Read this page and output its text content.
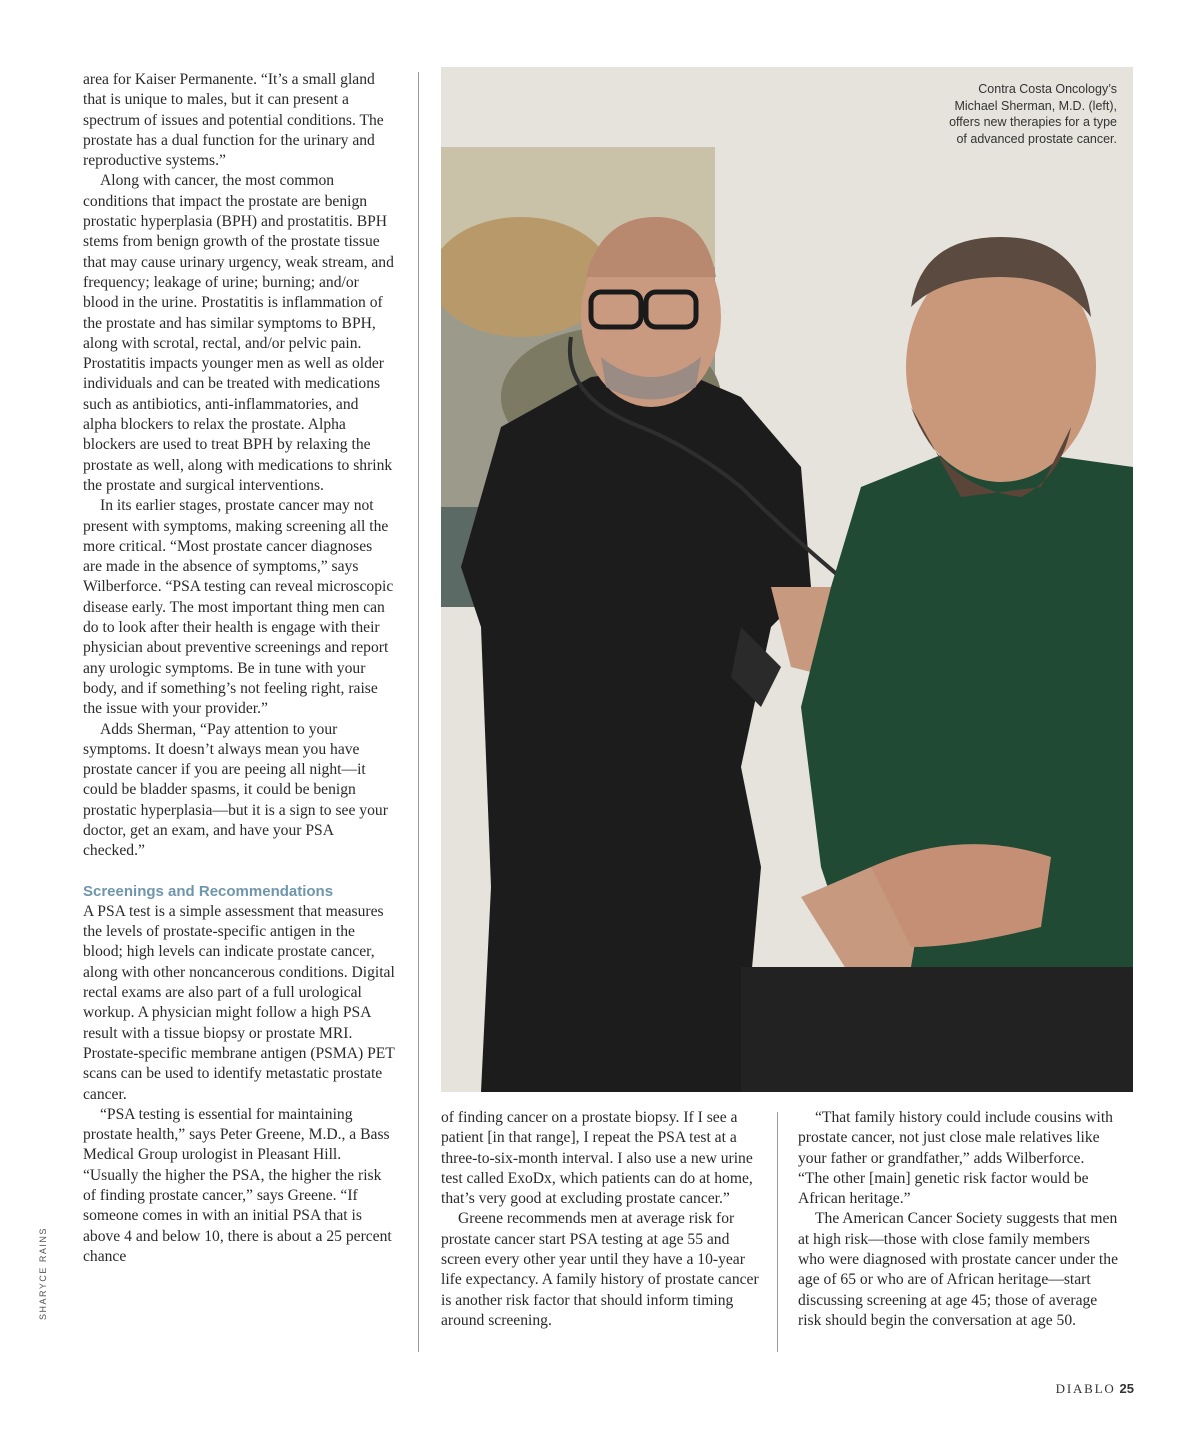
area for Kaiser Permanente. “It’s a small gland that is unique to males, but it can present a spectrum of issues and potential conditions. The prostate has a dual function for the urinary and reproductive systems.”

Along with cancer, the most common conditions that impact the prostate are benign prostatic hyperplasia (BPH) and prostatitis. BPH stems from benign growth of the prostate tissue that may cause urinary urgency, weak stream, and frequency; leakage of urine; burning; and/or blood in the urine. Prostatitis is inflammation of the prostate and has similar symptoms to BPH, along with scrotal, rectal, and/or pelvic pain. Prostatitis impacts younger men as well as older individuals and can be treated with medications such as antibiotics, anti-inflammatories, and alpha blockers to relax the prostate. Alpha blockers are used to treat BPH by relaxing the prostate as well, along with medications to shrink the prostate and surgical interventions.

In its earlier stages, prostate cancer may not present with symptoms, making screening all the more critical. “Most prostate cancer diagnoses are made in the absence of symptoms,” says Wilberforce. “PSA testing can reveal microscopic disease early. The most important thing men can do to look after their health is engage with their physician about preventive screenings and report any urologic symptoms. Be in tune with your body, and if something’s not feeling right, raise the issue with your provider.”

Adds Sherman, “Pay attention to your symptoms. It doesn’t always mean you have prostate cancer if you are peeing all night—it could be bladder spasms, it could be benign prostatic hyperplasia—but it is a sign to see your doctor, get an exam, and have your PSA checked.”

Screenings and Recommendations

A PSA test is a simple assessment that measures the levels of prostate-specific antigen in the blood; high levels can indicate prostate cancer, along with other noncancerous conditions. Digital rectal exams are also part of a full urological workup. A physician might follow a high PSA result with a tissue biopsy or prostate MRI. Prostate-specific membrane antigen (PSMA) PET scans can be used to identify metastatic prostate cancer.

“PSA testing is essential for maintaining prostate health,” says Peter Greene, M.D., a Bass Medical Group urologist in Pleasant Hill. “Usually the higher the PSA, the higher the risk of finding prostate cancer,” says Greene. “If someone comes in with an initial PSA that is above 4 and below 10, there is about a 25 percent chance

Contra Costa Oncology’s Michael Sherman, M.D. (left), offers new therapies for a type of advanced prostate cancer.

of finding cancer on a prostate biopsy. If I see a patient [in that range], I repeat the PSA test at a three-to-six-month interval. I also use a new urine test called ExoDx, which patients can do at home, that’s very good at excluding prostate cancer.”

Greene recommends men at average risk for prostate cancer start PSA testing at age 55 and screen every other year until they have a 10-year life expectancy. A family history of prostate cancer is another risk factor that should inform timing around screening.

“That family history could include cousins with prostate cancer, not just close male relatives like your father or grandfather,” adds Wilberforce. “The other [main] genetic risk factor would be African heritage.”

The American Cancer Society suggests that men at high risk—those with close family members who were diagnosed with prostate cancer under the age of 65 or who are of African heritage—start discussing screening at age 45; those of average risk should begin the conversation at age 50.

SHARYCE RAINS
DIABLO 25
